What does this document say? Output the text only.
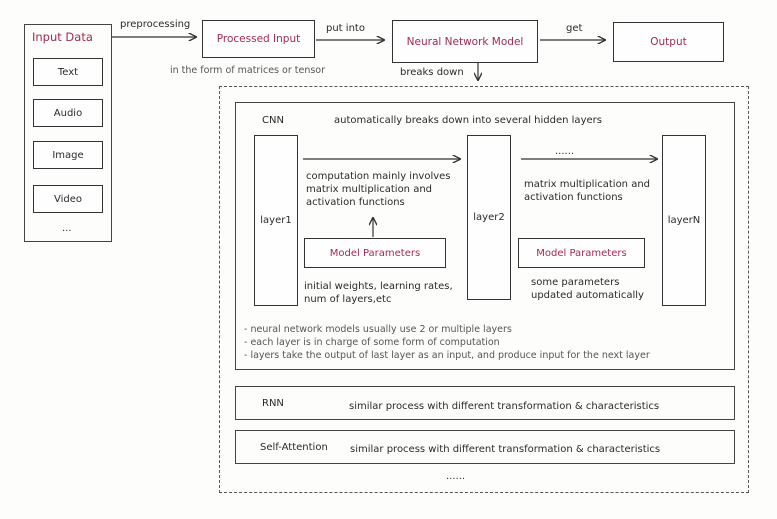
Input Data
Text
Audio
Image
Video
...
preprocessing
Processed Input
in the form of matrices or tensor
put into
Neural Network Model
get
Output
breaks down
CNN	automatically breaks down into several hidden layers
layer1	layer2	layerN
computation mainly involves
matrix multiplication and
activation functions
......
matrix multiplication and
activation functions
Model Parameters
initial weights, learning rates,
num of layers,etc
Model Parameters
some parameters
updated automatically
- neural network models usually use 2 or multiple layers
- each layer is in charge of some form of computation
- layers take the output of last layer as an input, and produce input for the next layer
RNN	similar process with different transformation & characteristics
Self-Attention similar process with different transformation & characteristics
......
